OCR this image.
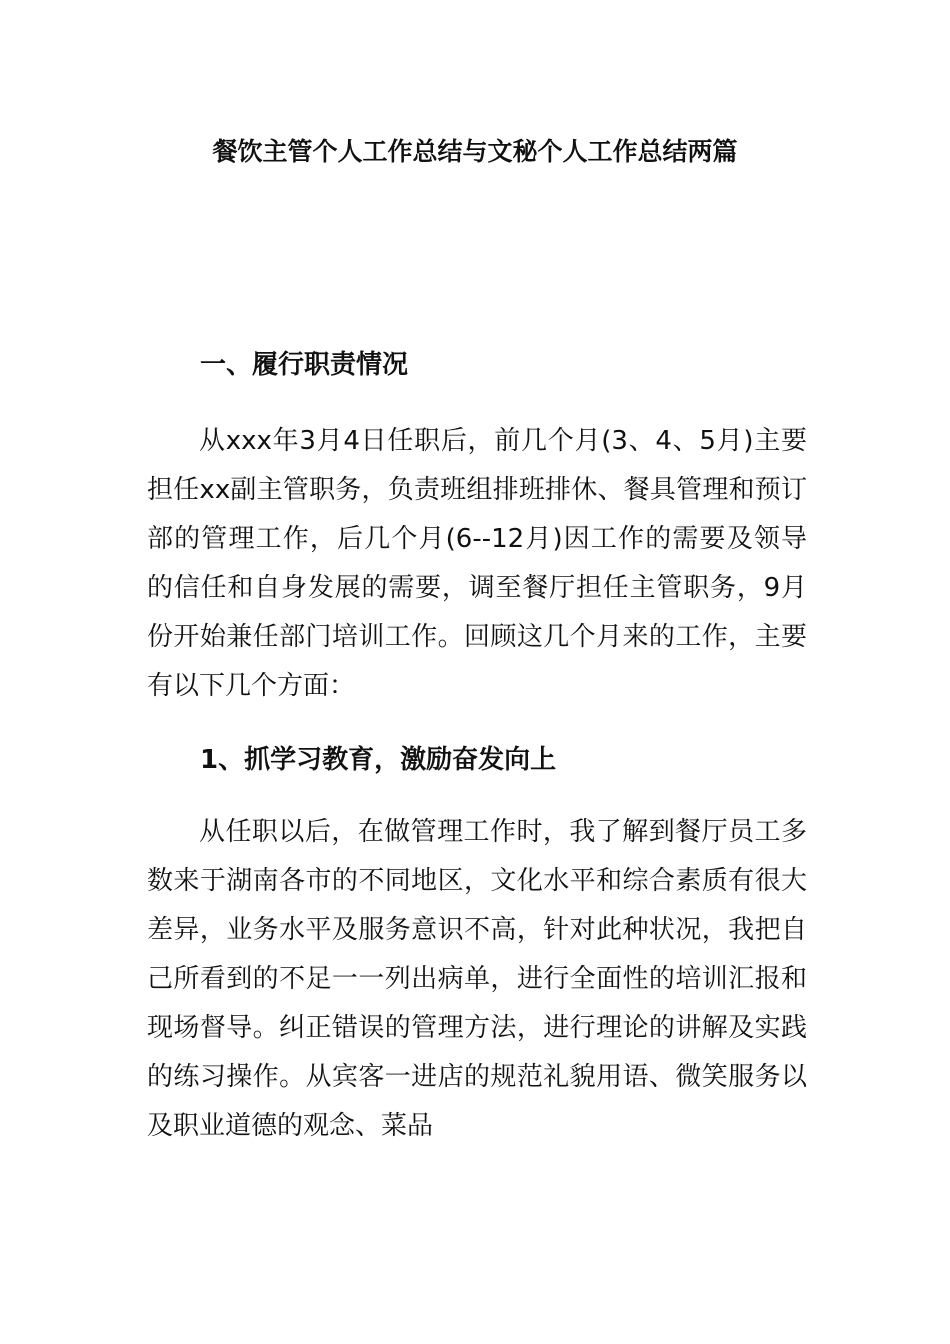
餐饮主管个人工作总结与文秘个人工作总结两篇
一、履行职责情况

从xxx年3月4日任职后，前几个月(3、4、5月)主要担任xx副主管职务，负责班组排班排休、餐具管理和预订部的管理工作，后几个月(6--12月)因工作的需要及领导的信任和自身发展的需要，调至餐厅担任主管职务，9月份开始兼任部门培训工作。回顾这几个月来的工作，主要有以下几个方面：

1、抓学习教育，激励奋发向上

从任职以后，在做管理工作时，我了解到餐厅员工多数来于湖南各市的不同地区，文化水平和综合素质有很大差异，业务水平及服务意识不高，针对此种状况，我把自己所看到的不足一一列出病单，进行全面性的培训汇报和现场督导。纠正错误的管理方法，进行理论的讲解及实践的练习操作。从宾客一进店的规范礼貌用语、微笑服务以及职业道德的观念、菜品
